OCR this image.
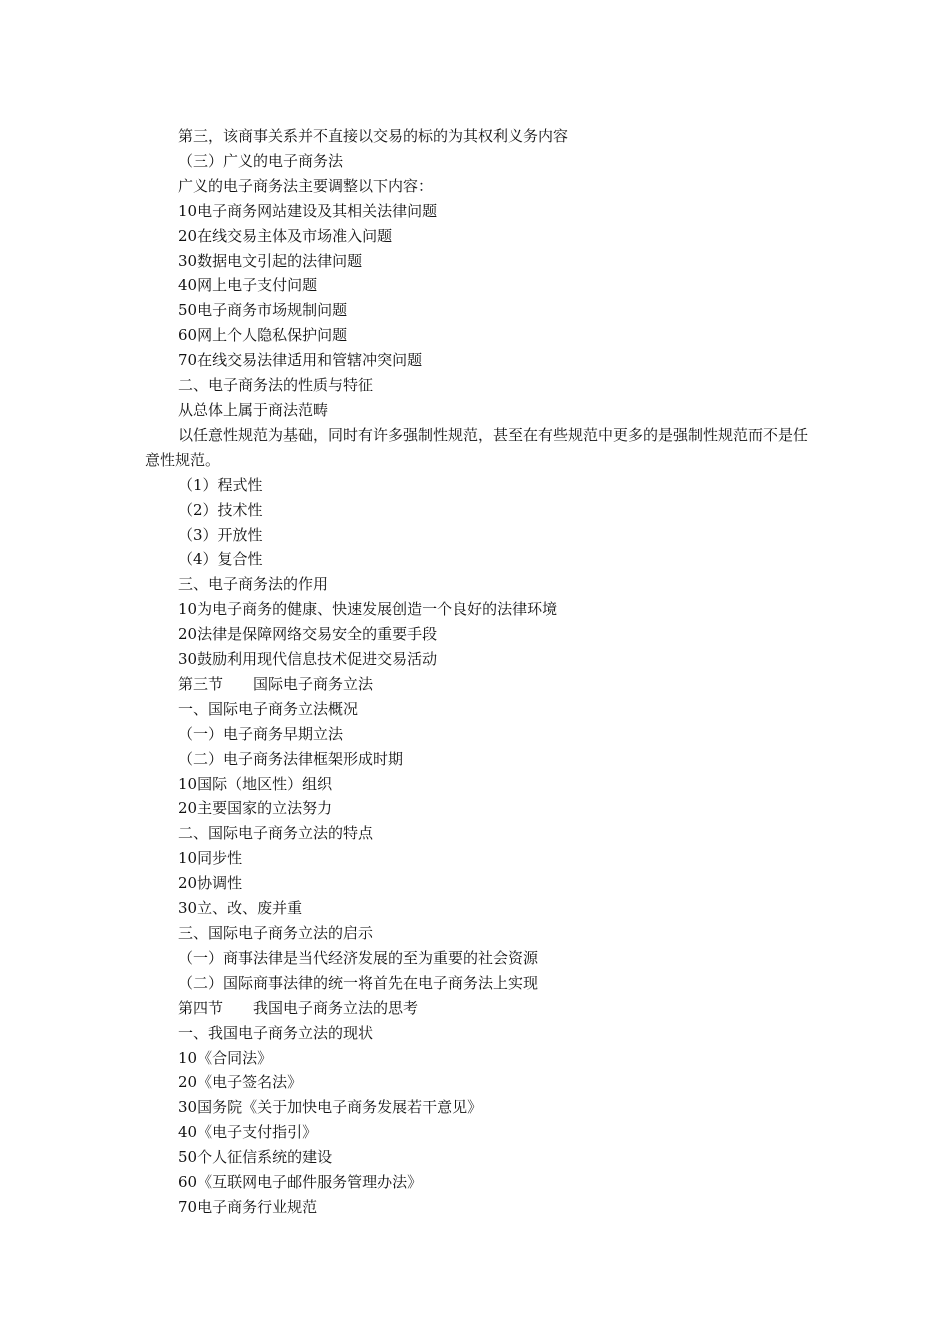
第三，该商事关系并不直接以交易的标的为其权利义务内容

（三）广义的电子商务法

广义的电子商务法主要调整以下内容：

10电子商务网站建设及其相关法律问题

20在线交易主体及市场准入问题

30数据电文引起的法律问题

40网上电子支付问题

50电子商务市场规制问题

60网上个人隐私保护问题

70在线交易法律适用和管辖冲突问题

二、电子商务法的性质与特征

从总体上属于商法范畴

以任意性规范为基础，同时有许多强制性规范，甚至在有些规范中更多的是强制性规范而不是任意性规范。

（1）程式性

（2）技术性

（3）开放性

（4）复合性

三、电子商务法的作用

10为电子商务的健康、快速发展创造一个良好的法律环境

20法律是保障网络交易安全的重要手段

30鼓励利用现代信息技术促进交易活动

第三节　　国际电子商务立法

一、国际电子商务立法概况

（一）电子商务早期立法

（二）电子商务法律框架形成时期

10国际（地区性）组织

20主要国家的立法努力

二、国际电子商务立法的特点

10同步性

20协调性

30立、改、废并重

三、国际电子商务立法的启示

（一）商事法律是当代经济发展的至为重要的社会资源

（二）国际商事法律的统一将首先在电子商务法上实现

第四节　　我国电子商务立法的思考

一、我国电子商务立法的现状

10《合同法》

20《电子签名法》

30国务院《关于加快电子商务发展若干意见》

40《电子支付指引》

50个人征信系统的建设

60《互联网电子邮件服务管理办法》

70电子商务行业规范
